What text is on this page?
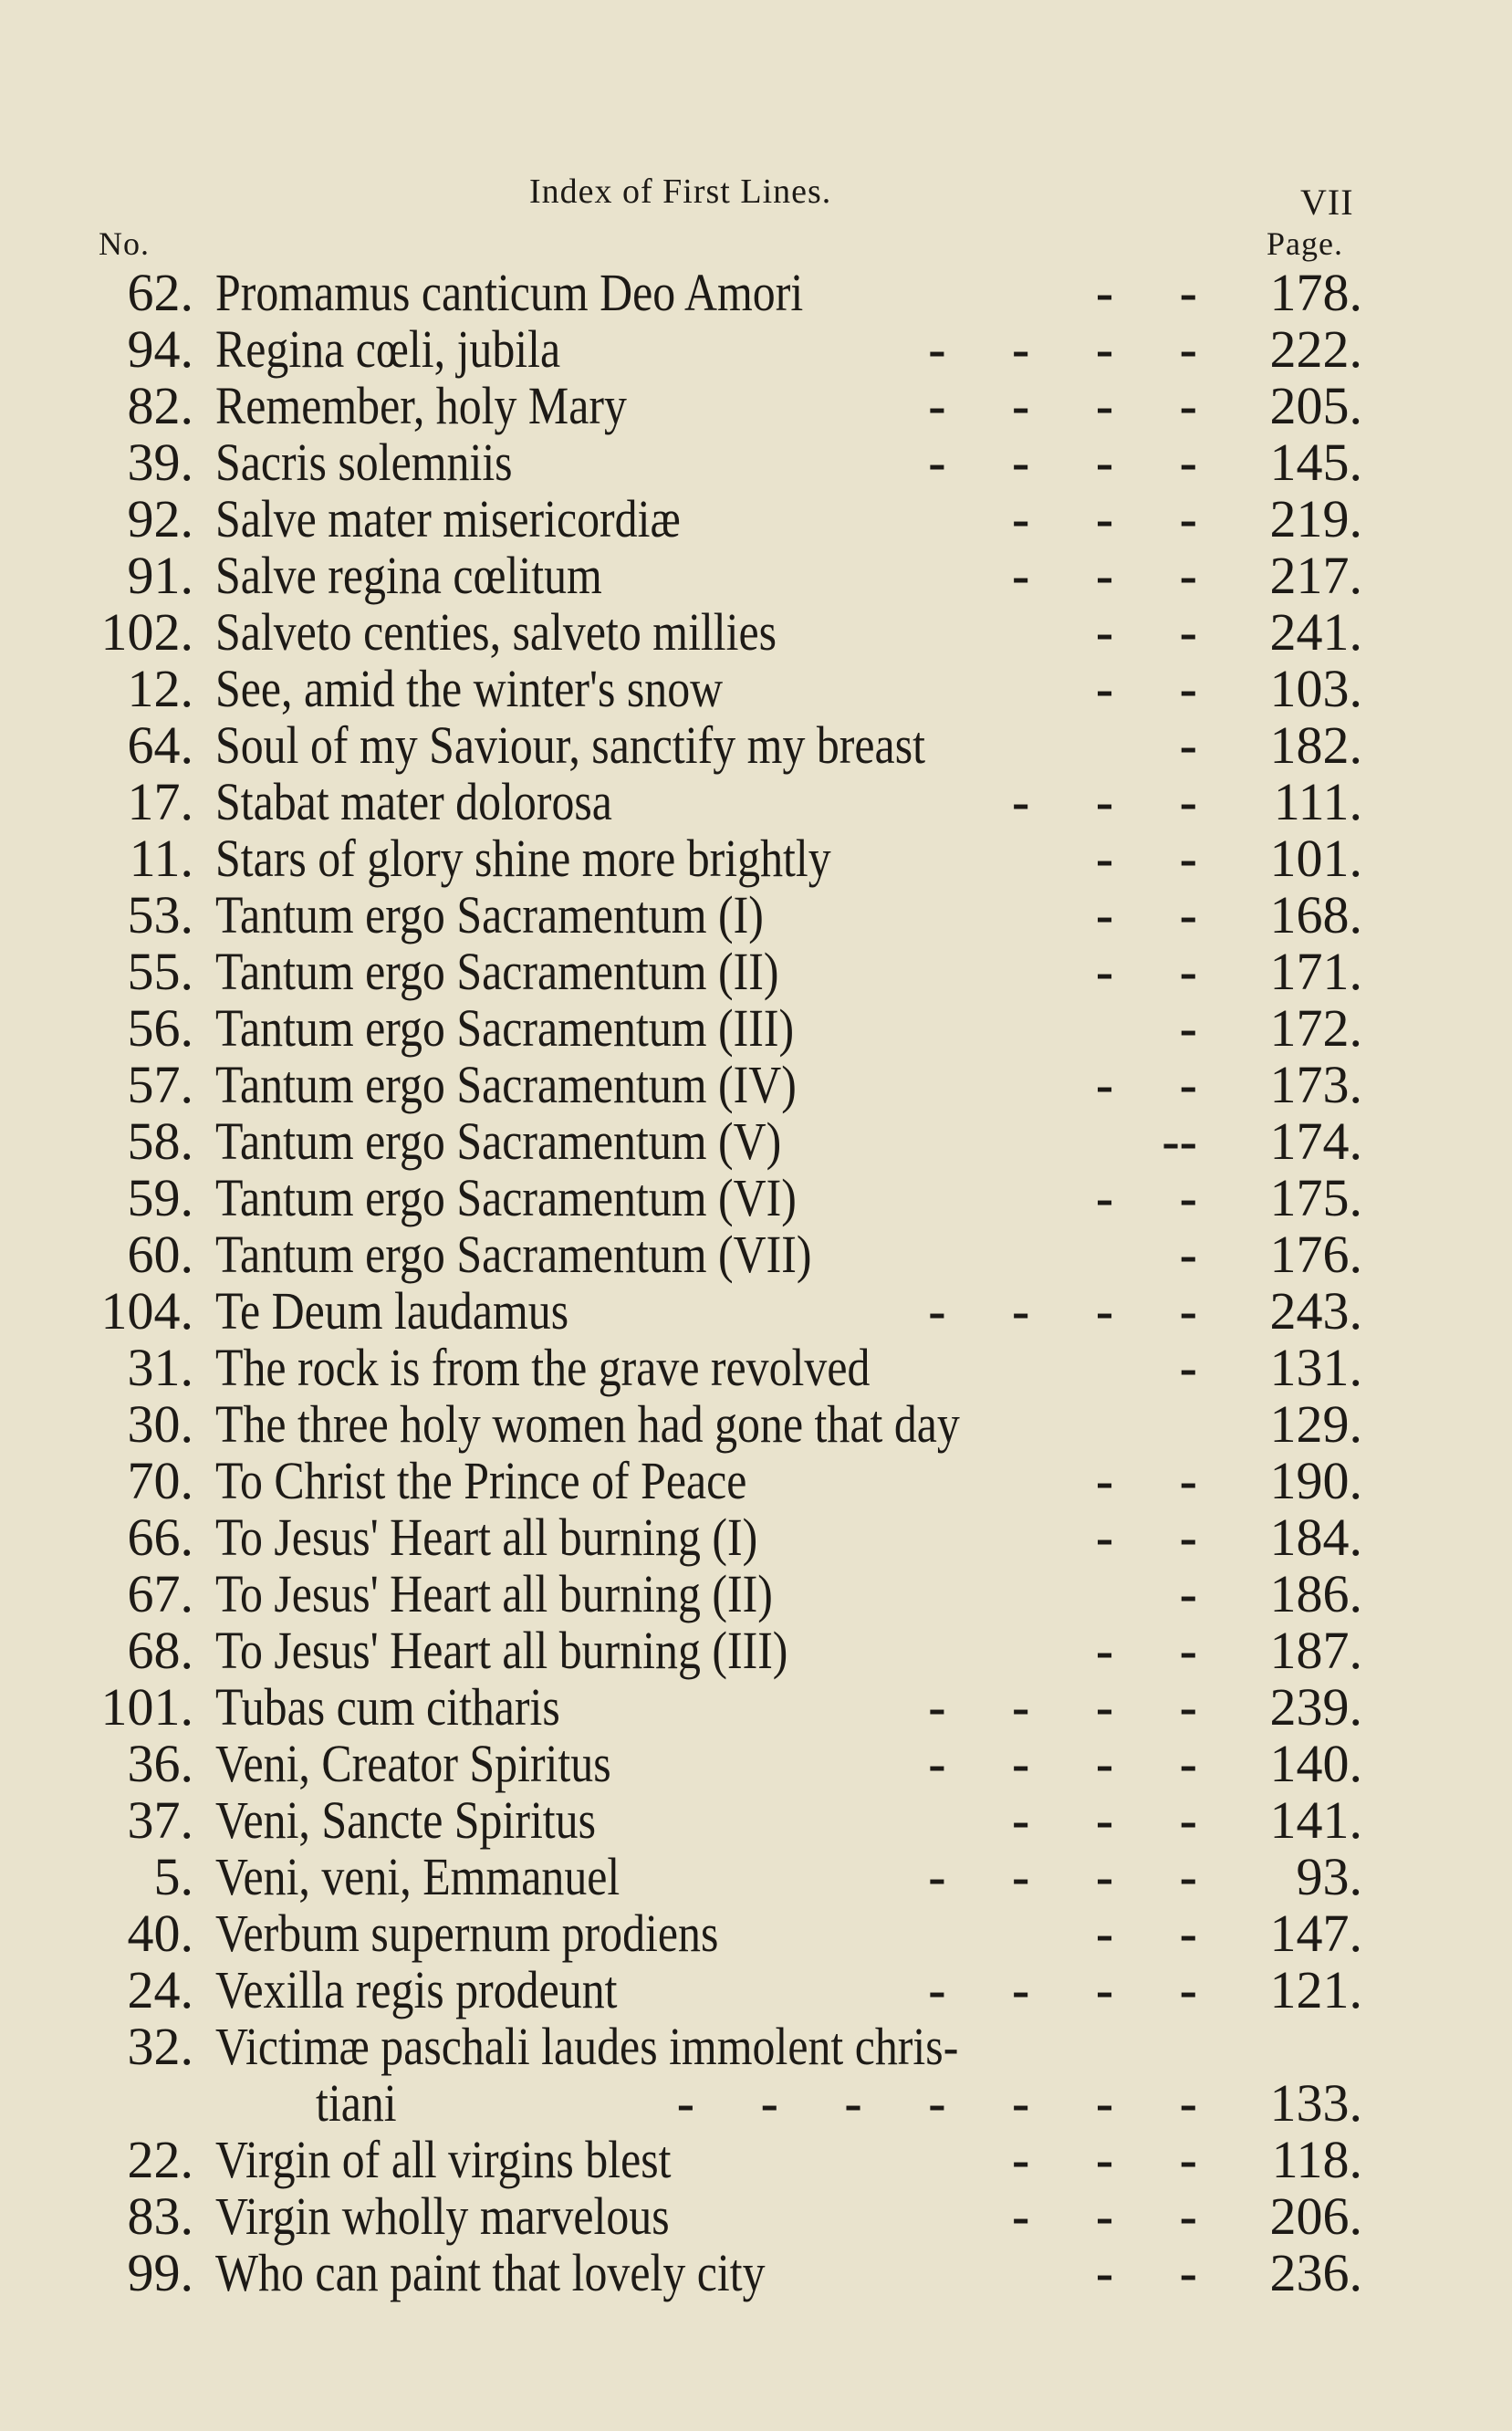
Index of First Lines.	VII
No.	Page.
62. Promamus canticum Deo Amori	- - 178.
94. Regina cœli, jubila	- - - - 222.
82. Remember, holy Mary	- - - - 205.
39. Sacris solemniis	- - - - 145.
92. Salve mater misericordiæ	- - - 219.
91. Salve regina cœlitum	- - - 217.
102. Salveto centies, salveto millies	- - 241.
12. See, amid the winter's snow	- - 103.
64. Soul of my Saviour, sanctify my breast	- 182.
17. Stabat mater dolorosa	- - - 111.
11. Stars of glory shine more brightly	- - 101.
53. Tantum ergo Sacramentum (I)	- - 168.
55. Tantum ergo Sacramentum (II)	- - 171.
56. Tantum ergo Sacramentum (III)	- 172.
57. Tantum ergo Sacramentum (IV)	- - 173.
58. Tantum ergo Sacramentum (V)	-- 174.
59. Tantum ergo Sacramentum (VI)	- - 175.
60. Tantum ergo Sacramentum (VII)	- 176.
104. Te Deum laudamus	- - - - 243.
31. The rock is from the grave revolved	- 131.
30. The three holy women had gone that day	129.
70. To Christ the Prince of Peace	- - 190.
66. To Jesus' Heart all burning (I)	- - 184.
67. To Jesus' Heart all burning (II)	- 186.
68. To Jesus' Heart all burning (III)	- - 187.
101. Tubas cum citharis	- - - - 239.
36. Veni, Creator Spiritus	- - - - 140.
37. Veni, Sancte Spiritus	- - - 141.
5. Veni, veni, Emmanuel	- - - - 93.
40. Verbum supernum prodiens	- - 147.
24. Vexilla regis prodeunt	- - - - 121.
32. Victimæ paschali laudes immolent chris-
tiani	- - - - - - - 133.
22. Virgin of all virgins blest	- - - 118.
83. Virgin wholly marvelous	- - - 206.
99. Who can paint that lovely city	- - 236.
